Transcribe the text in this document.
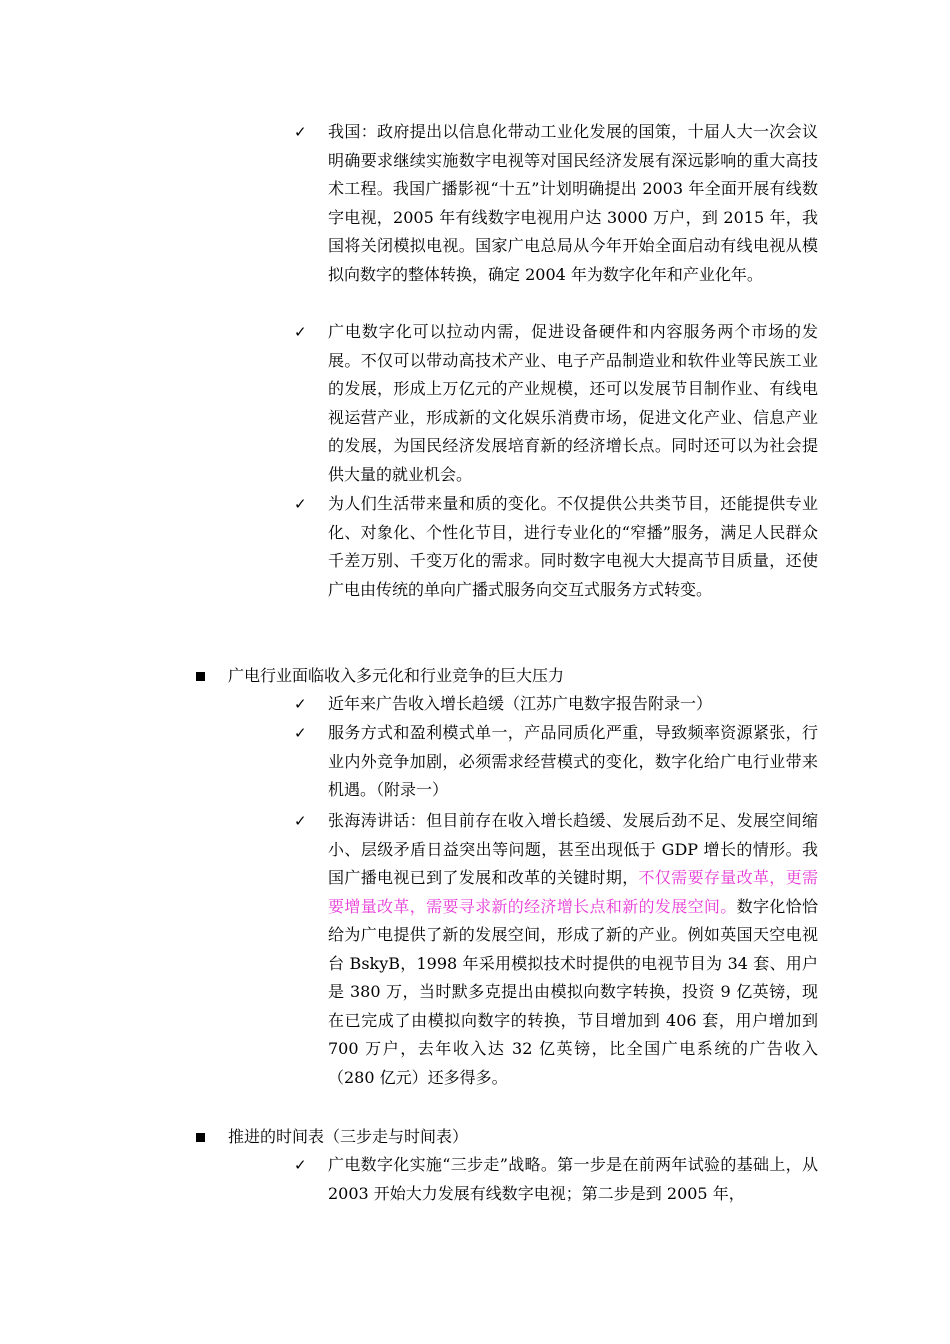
✓ 我国：政府提出以信息化带动工业化发展的国策，十届人大一次会议明确要求继续实施数字电视等对国民经济发展有深远影响的重大高技术工程。我国广播影视“十五”计划明确提出 2003 年全面开展有线数字电视，2005 年有线数字电视用户达 3000 万户，到 2015 年，我国将关闭模拟电视。国家广电总局从今年开始全面启动有线电视从模拟向数字的整体转换，确定 2004 年为数字化年和产业化年。

✓ 广电数字化可以拉动内需，促进设备硬件和内容服务两个市场的发展。不仅可以带动高技术产业、电子产品制造业和软件业等民族工业的发展，形成上万亿元的产业规模，还可以发展节目制作业、有线电视运营产业，形成新的文化娱乐消费市场，促进文化产业、信息产业的发展，为国民经济发展培育新的经济增长点。同时还可以为社会提供大量的就业机会。

✓ 为人们生活带来量和质的变化。不仅提供公共类节目，还能提供专业化、对象化、个性化节目，进行专业化的“窄播”服务，满足人民群众千差万别、千变万化的需求。同时数字电视大大提高节目质量，还使广电由传统的单向广播式服务向交互式服务方式转变。

广电行业面临收入多元化和行业竞争的巨大压力

✓ 近年来广告收入增长趋缓（江苏广电数字报告附录一）

✓ 服务方式和盈利模式单一，产品同质化严重，导致频率资源紧张，行业内外竞争加剧，必须需求经营模式的变化，数字化给广电行业带来机遇。（附录一）

✓ 张海涛讲话：但目前存在收入增长趋缓、发展后劲不足、发展空间缩小、层级矛盾日益突出等问题，甚至出现低于 GDP 增长的情形。我国广播电视已到了发展和改革的关键时期，不仅需要存量改革，更需要增量改革，需要寻求新的经济增长点和新的发展空间。数字化恰恰给为广电提供了新的发展空间，形成了新的产业。例如英国天空电视台 BskyB，1998 年采用模拟技术时提供的电视节目为 34 套、用户是 380 万，当时默多克提出由模拟向数字转换，投资 9 亿英镑，现在已完成了由模拟向数字的转换，节目增加到 406 套，用户增加到 700 万户，去年收入达 32 亿英镑，比全国广电系统的广告收入（280 亿元）还多得多。

推进的时间表（三步走与时间表）

✓ 广电数字化实施“三步走”战略。第一步是在前两年试验的基础上，从 2003 开始大力发展有线数字电视；第二步是到 2005 年，
